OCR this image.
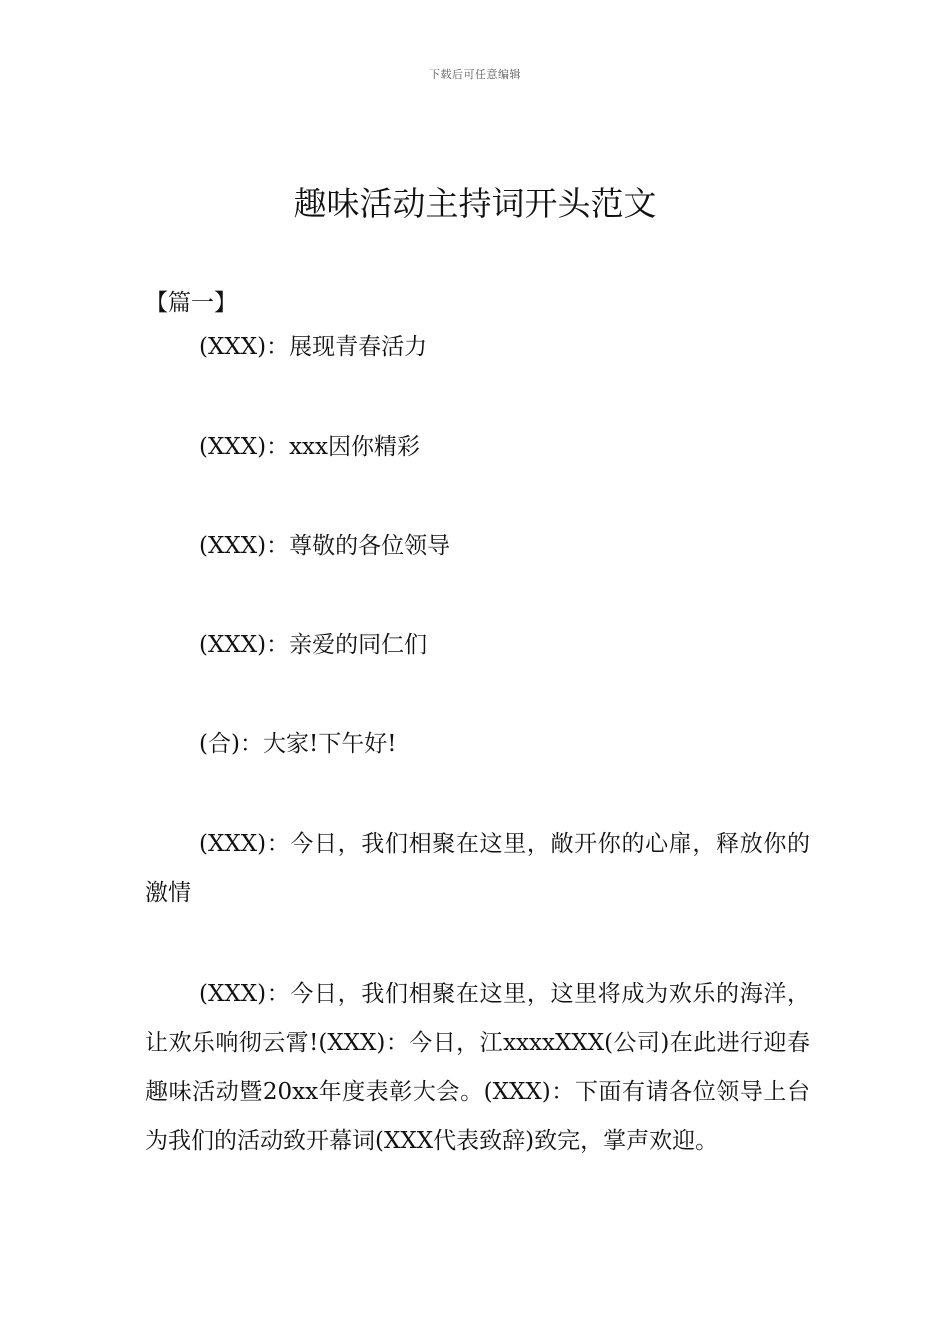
下载后可任意编辑
趣味活动主持词开头范文
【篇一】

(XXX)：展现青春活力

(XXX)：xxx因你精彩

(XXX)：尊敬的各位领导

(XXX)：亲爱的同仁们

(合)：大家!下午好!

(XXX)：今日，我们相聚在这里，敞开你的心扉，释放你的激情

(XXX)：今日，我们相聚在这里，这里将成为欢乐的海洋，让欢乐响彻云霄!(XXX)：今日，江xxxxXXX(公司)在此进行迎春趣味活动暨20xx年度表彰大会。(XXX)：下面有请各位领导上台为我们的活动致开幕词(XXX代表致辞)致完，掌声欢迎。
